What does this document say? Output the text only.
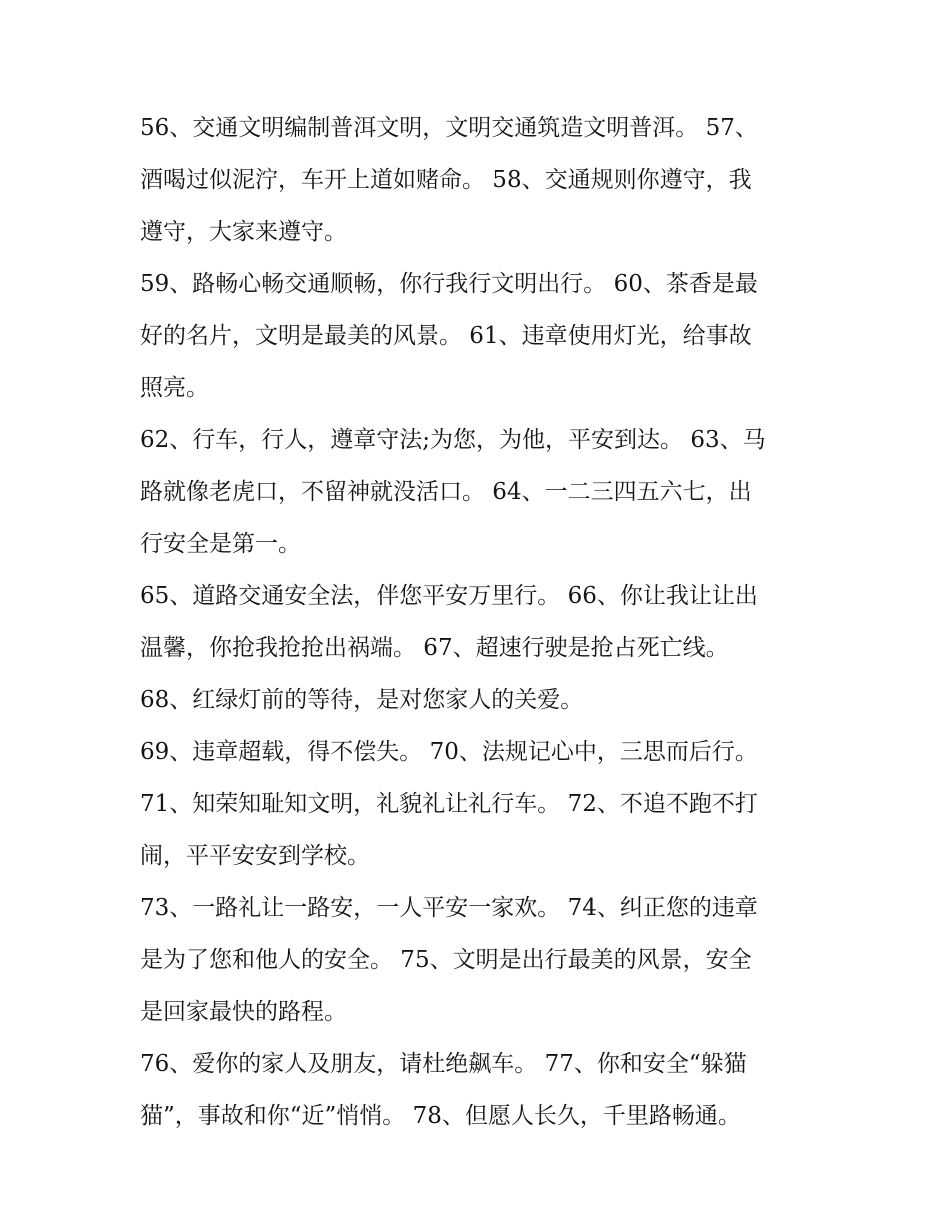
56、交通文明编制普洱文明，文明交通筑造文明普洱。 57、
酒喝过似泥泞，车开上道如赌命。 58、交通规则你遵守，我
遵守，大家来遵守。
59、路畅心畅交通顺畅，你行我行文明出行。 60、茶香是最
好的名片，文明是最美的风景。 61、违章使用灯光，给事故
照亮。
62、行车，行人，遵章守法;为您，为他，平安到达。 63、马
路就像老虎口，不留神就没活口。 64、一二三四五六七，出
行安全是第一。
65、道路交通安全法，伴您平安万里行。 66、你让我让让出
温馨，你抢我抢抢出祸端。 67、超速行驶是抢占死亡线。
68、红绿灯前的等待，是对您家人的关爱。
69、违章超载，得不偿失。 70、法规记心中，三思而后行。
71、知荣知耻知文明，礼貌礼让礼行车。 72、不追不跑不打
闹，平平安安到学校。
73、一路礼让一路安，一人平安一家欢。 74、纠正您的违章
是为了您和他人的安全。 75、文明是出行最美的风景，安全
是回家最快的路程。
76、爱你的家人及朋友，请杜绝飙车。 77、你和安全“躲猫
猫”，事故和你“近”悄悄。 78、但愿人长久，千里路畅通。
